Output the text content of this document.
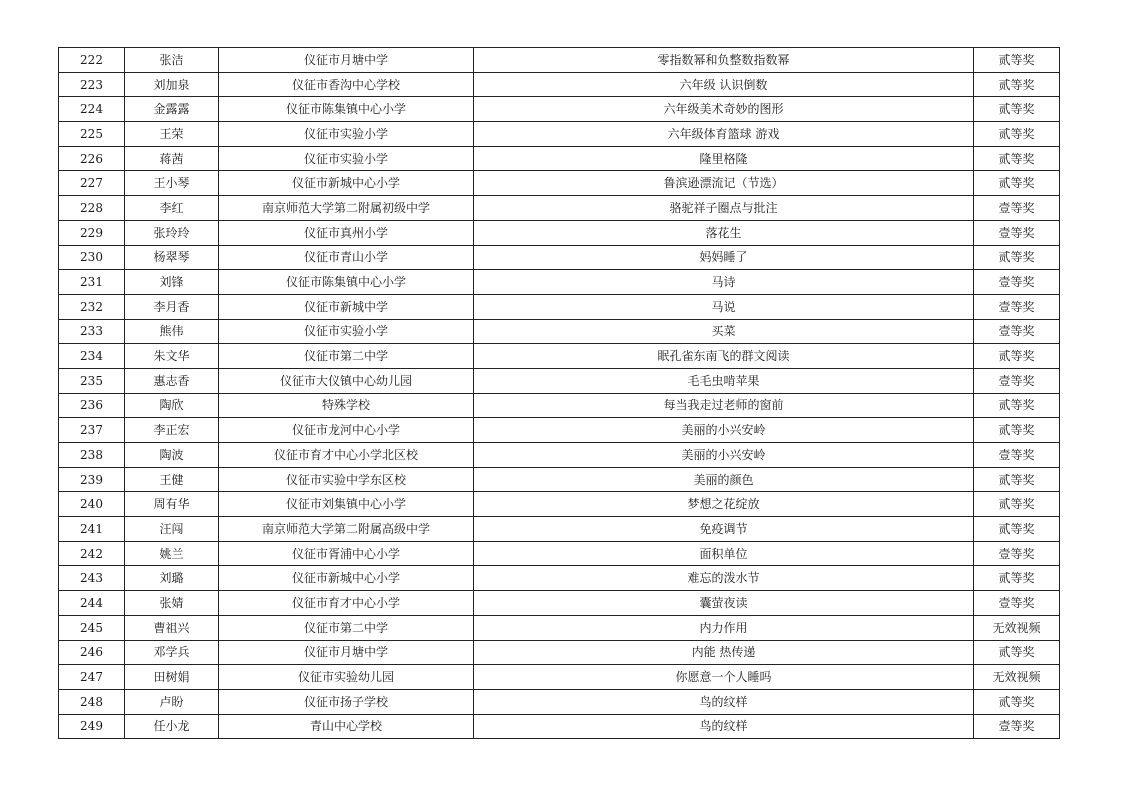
222	张洁	仪征市月塘中学	零指数幂和负整数指数幂	贰等奖
223	刘加泉	仪征市香沟中心学校	六年级 认识倒数	贰等奖
224	金露露	仪征市陈集镇中心小学	六年级美术奇妙的图形	贰等奖
225	王荣	仪征市实验小学	六年级体育篮球 游戏	贰等奖
226	蒋茜	仪征市实验小学	隆里格隆	贰等奖
227	王小琴	仪征市新城中心小学	鲁滨逊漂流记（节选）	贰等奖
228	李红	南京师范大学第二附属初级中学	骆驼祥子圈点与批注	壹等奖
229	张玲玲	仪征市真州小学	落花生	壹等奖
230	杨翠琴	仪征市青山小学	妈妈睡了	贰等奖
231	刘锋	仪征市陈集镇中心小学	马诗	壹等奖
232	李月香	仪征市新城中学	马说	壹等奖
233	熊伟	仪征市实验小学	买菜	壹等奖
234	朱文华	仪征市第二中学	眠孔雀东南飞的群文阅读	贰等奖
235	惠志香	仪征市大仪镇中心幼儿园	毛毛虫啃苹果	壹等奖
236	陶欣	特殊学校	每当我走过老师的窗前	贰等奖
237	李正宏	仪征市龙河中心小学	美丽的小兴安岭	贰等奖
238	陶波	仪征市育才中心小学北区校	美丽的小兴安岭	壹等奖
239	王健	仪征市实验中学东区校	美丽的颜色	贰等奖
240	周有华	仪征市刘集镇中心小学	梦想之花绽放	贰等奖
241	汪闯	南京师范大学第二附属高级中学	免疫调节	贰等奖
242	姚兰	仪征市胥浦中心小学	面积单位	壹等奖
243	刘璐	仪征市新城中心小学	难忘的泼水节	贰等奖
244	张婧	仪征市育才中心小学	囊萤夜读	壹等奖
245	曹祖兴	仪征市第二中学	内力作用	无效视频
246	邓学兵	仪征市月塘中学	内能 热传递	贰等奖
247	田树娟	仪征市实验幼儿园	你愿意一个人睡吗	无效视频
248	卢盼	仪征市扬子学校	鸟的纹样	贰等奖
249	任小龙	青山中心学校	鸟的纹样	壹等奖
